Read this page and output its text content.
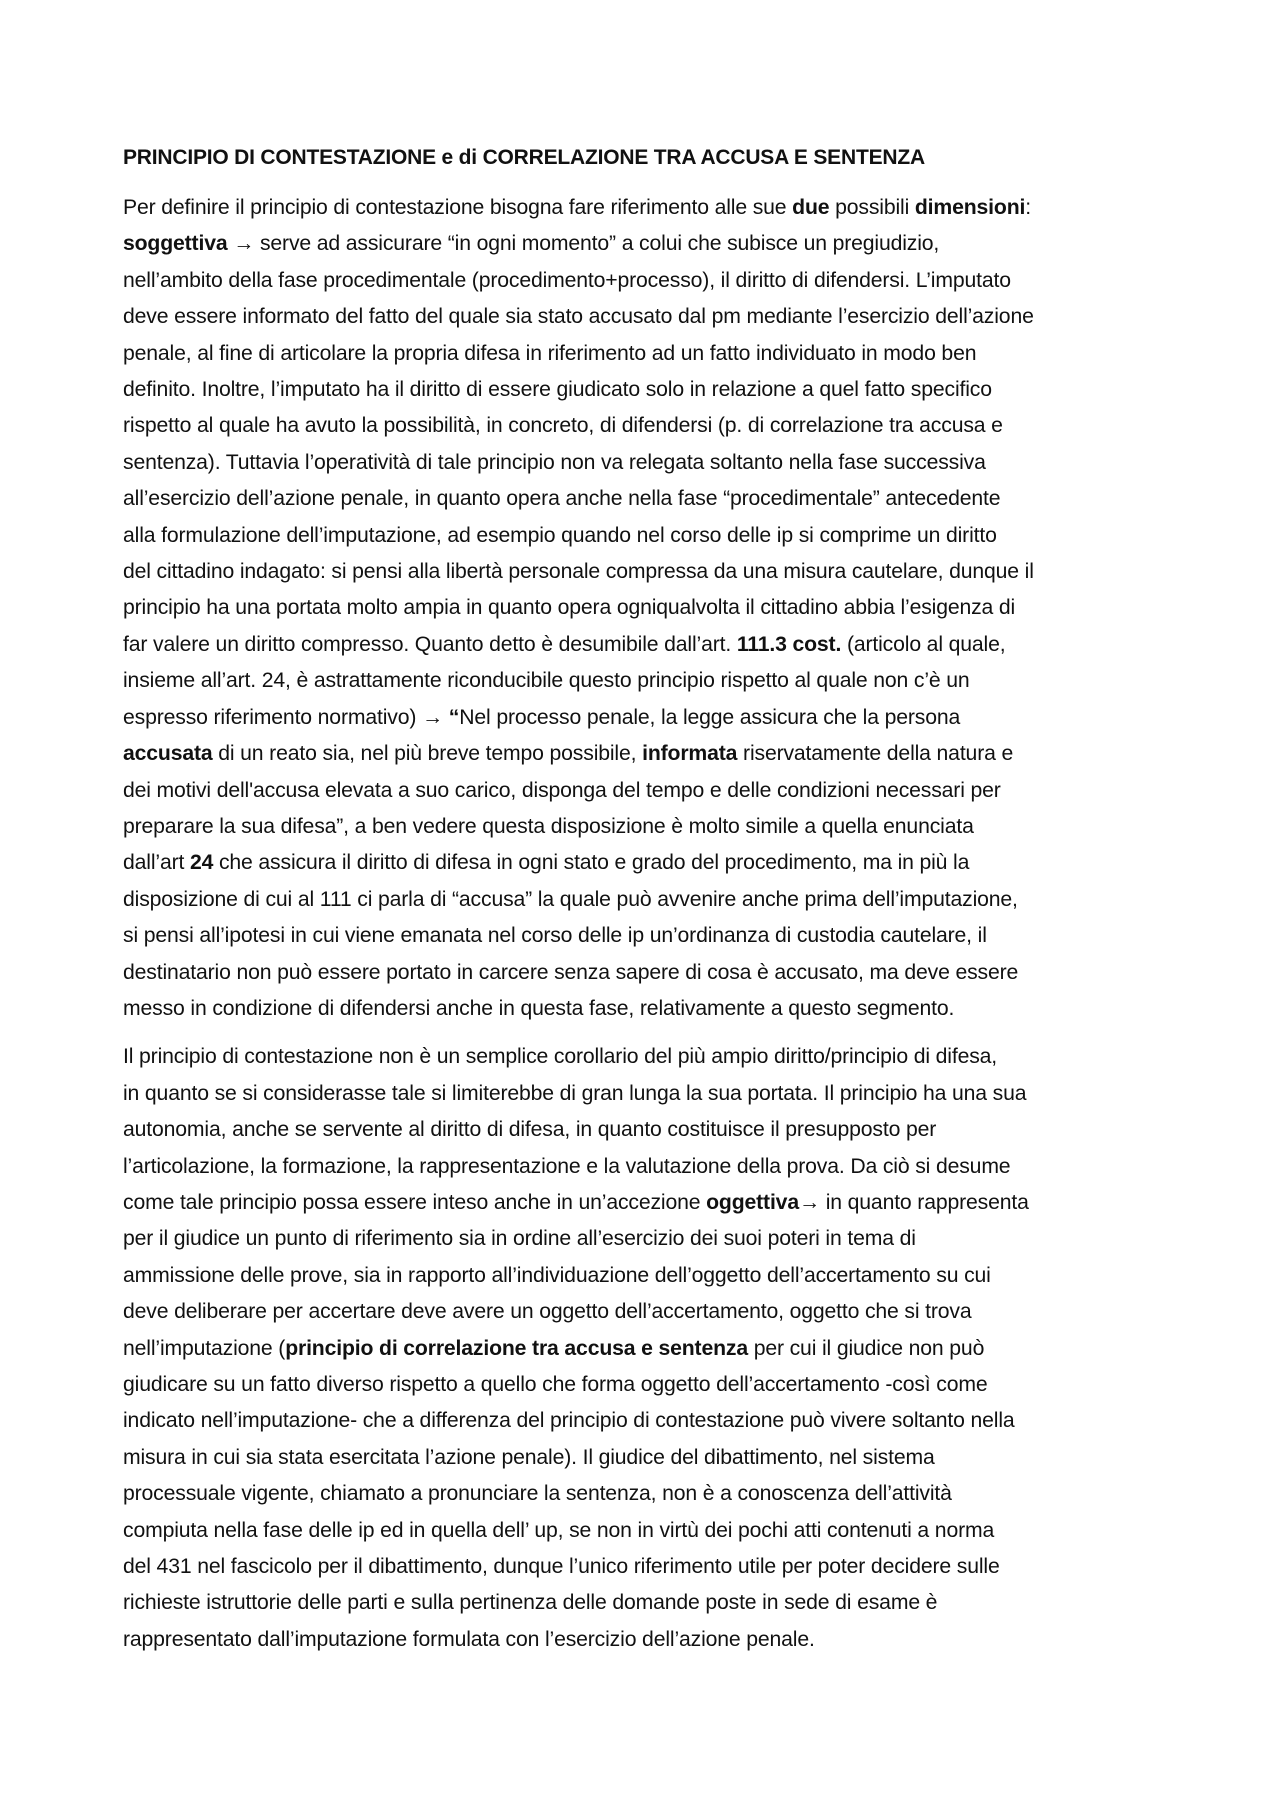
PRINCIPIO DI CONTESTAZIONE e di CORRELAZIONE TRA ACCUSA E SENTENZA
Per definire il principio di contestazione bisogna fare riferimento alle sue due possibili dimensioni:
soggettiva → serve ad assicurare “in ogni momento” a colui che subisce un pregiudizio,
nell’ambito della fase procedimentale (procedimento+processo), il diritto di difendersi. L’imputato
deve essere informato del fatto del quale sia stato accusato dal pm mediante l’esercizio dell’azione
penale, al fine di articolare la propria difesa in riferimento ad un fatto individuato in modo ben
definito. Inoltre, l’imputato ha il diritto di essere giudicato solo in relazione a quel fatto specifico
rispetto al quale ha avuto la possibilità, in concreto, di difendersi (p. di correlazione tra accusa e
sentenza). Tuttavia l’operatività di tale principio non va relegata soltanto nella fase successiva
all’esercizio dell’azione penale, in quanto opera anche nella fase “procedimentale” antecedente
alla formulazione dell’imputazione, ad esempio quando nel corso delle ip si comprime un diritto
del cittadino indagato: si pensi alla libertà personale compressa da una misura cautelare, dunque il
principio ha una portata molto ampia in quanto opera ogniqualvolta il cittadino abbia l’esigenza di
far valere un diritto compresso. Quanto detto è desumibile dall’art. 111.3 cost. (articolo al quale,
insieme all’art. 24, è astrattamente riconducibile questo principio rispetto al quale non c’è un
espresso riferimento normativo) → “Nel processo penale, la legge assicura che la persona
accusata di un reato sia, nel più breve tempo possibile, informata riservatamente della natura e
dei motivi dell'accusa elevata a suo carico, disponga del tempo e delle condizioni necessari per
preparare la sua difesa”, a ben vedere questa disposizione è molto simile a quella enunciata
dall’art 24 che assicura il diritto di difesa in ogni stato e grado del procedimento, ma in più la
disposizione di cui al 111 ci parla di “accusa” la quale può avvenire anche prima dell’imputazione,
si pensi all’ipotesi in cui viene emanata nel corso delle ip un’ordinanza di custodia cautelare, il
destinatario non può essere portato in carcere senza sapere di cosa è accusato, ma deve essere
messo in condizione di difendersi anche in questa fase, relativamente a questo segmento.
Il principio di contestazione non è un semplice corollario del più ampio diritto/principio di difesa,
in quanto se si considerasse tale si limiterebbe di gran lunga la sua portata. Il principio ha una sua
autonomia, anche se servente al diritto di difesa, in quanto costituisce il presupposto per
l’articolazione, la formazione, la rappresentazione e la valutazione della prova. Da ciò si desume
come tale principio possa essere inteso anche in un’accezione oggettiva→ in quanto rappresenta
per il giudice un punto di riferimento sia in ordine all’esercizio dei suoi poteri in tema di
ammissione delle prove, sia in rapporto all’individuazione dell’oggetto dell’accertamento su cui
deve deliberare per accertare deve avere un oggetto dell’accertamento, oggetto che si trova
nell’imputazione (principio di correlazione tra accusa e sentenza per cui il giudice non può
giudicare su un fatto diverso rispetto a quello che forma oggetto dell’accertamento -così come
indicato nell’imputazione- che a differenza del principio di contestazione può vivere soltanto nella
misura in cui sia stata esercitata l’azione penale). Il giudice del dibattimento, nel sistema
processuale vigente, chiamato a pronunciare la sentenza, non è a conoscenza dell’attività
compiuta nella fase delle ip ed in quella dell’ up, se non in virtù dei pochi atti contenuti a norma
del 431 nel fascicolo per il dibattimento, dunque l’unico riferimento utile per poter decidere sulle
richieste istruttorie delle parti e sulla pertinenza delle domande poste in sede di esame è
rappresentato dall’imputazione formulata con l’esercizio dell’azione penale.
